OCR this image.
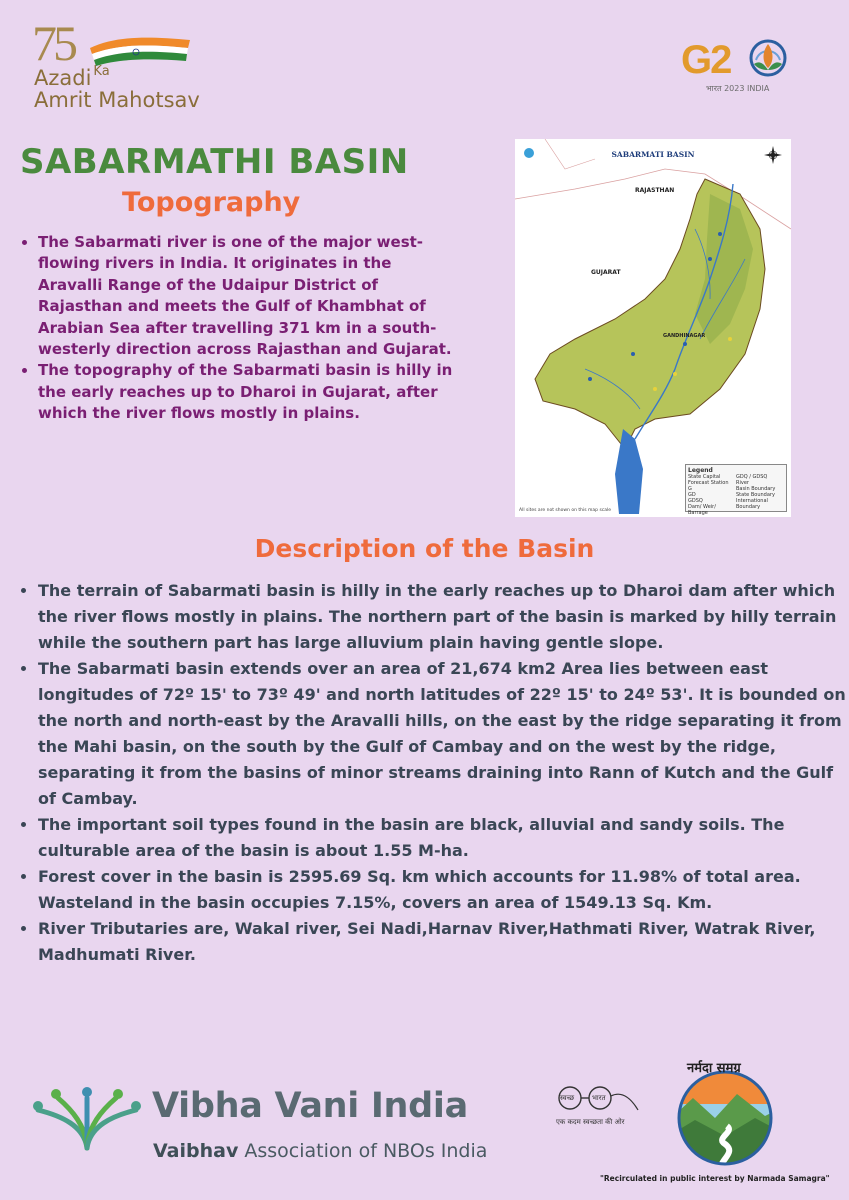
75
Azadi $^{Ka}$
Amrit Mahotsav
G2
भारत 2023 INDIA
SABARMATHI BASIN
Topography
• The Sabarmati river is one of the major west-flowing rivers in India. It originates in the Aravalli Range of the Udaipur District of Rajasthan and meets the Gulf of Khambhat of Arabian Sea after travelling 371 km in a south-westerly direction across Rajasthan and Gujarat.
• The topography of the Sabarmati basin is hilly in the early reaches up to Dharoi in Gujarat, after which the river flows mostly in plains.
SABARMATI BASIN
RAJASTHAN
GUJARAT
GANDHINAGAR
Legend
State Capital
Forecast Station
G
GD
GDSQ
Dam/ Weir/ Barrage
GDQ / GDSQ
River
Basin Boundary
State Boundary
International Boundary
All sites are not shown on this map scale
Description of the Basin
• The terrain of Sabarmati basin is hilly in the early reaches up to Dharoi dam after which the river flows mostly in plains. The northern part of the basin is marked by hilly terrain while the southern part has large alluvium plain having gentle slope.
• The Sabarmati basin extends over an area of 21,674 km2 Area lies between east longitudes of 72º 15' to 73º 49' and north latitudes of 22º 15' to 24º 53'. It is bounded on the north and north-east by the Aravalli hills, on the east by the ridge separating it from the Mahi basin, on the south by the Gulf of Cambay and on the west by the ridge, separating it from the basins of minor streams draining into Rann of Kutch and the Gulf of Cambay.
• The important soil types found in the basin are black, alluvial and sandy soils. The culturable area of the basin is about 1.55 M-ha.
• Forest cover in the basin is 2595.69 Sq. km which accounts for 11.98% of total area. Wasteland in the basin occupies 7.15%, covers an area of 1549.13 Sq. Km.
• River Tributaries are, Wakal river, Sei Nadi,Harnav River,Hathmati River, Watrak River, Madhumati River.
Vibha Vani India
Vaibhav Association of NBOs India
स्वच्छ	भारत
एक कदम स्वच्छता की ओर
नर्मदा समग्र
"Recirculated in public interest by Narmada Samagra"
